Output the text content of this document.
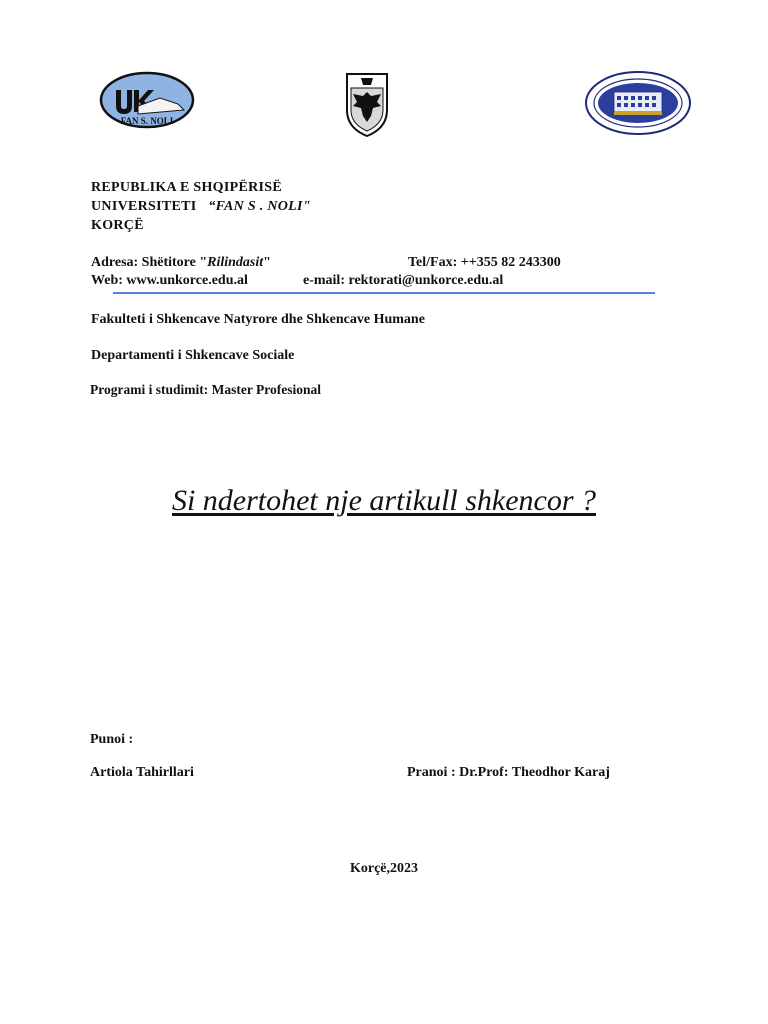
FAN S. NOLI
REPUBLIKA E SHQIPËRISË
UNIVERSITETI “FAN S . NOLI"
KORÇË
Adresa: Shëtitore "Rilindasit"	Tel/Fax: ++355 82 243300
Web: www.unkorce.edu.al	e-mail: rektorati@unkorce.edu.al
Fakulteti i Shkencave Natyrore dhe Shkencave Humane
Departamenti i Shkencave Sociale
Programi i studimit: Master Profesional
Si ndertohet nje artikull shkencor ?
Punoi :
Artiola Tahirllari	Pranoi : Dr.Prof: Theodhor Karaj
Korçë,2023
